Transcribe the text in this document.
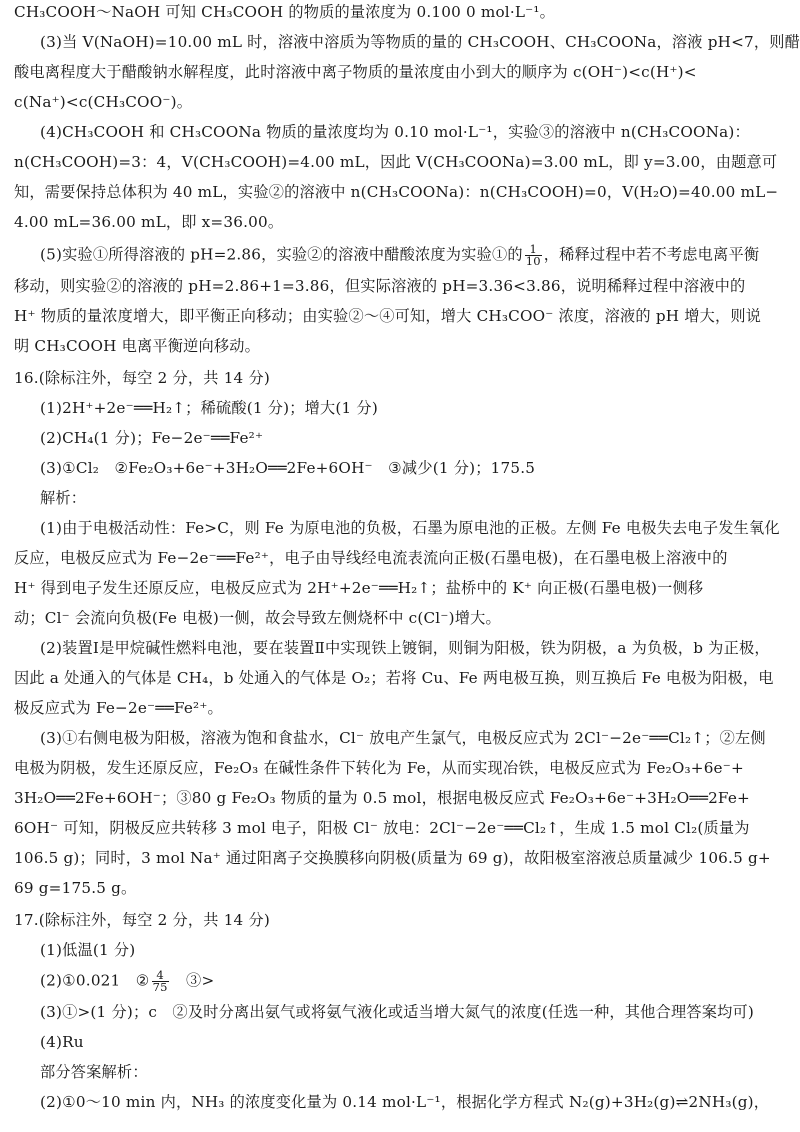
CH₃COOH～NaOH 可知 CH₃COOH 的物质的量浓度为 0.100 0 mol·L⁻¹。
(3)当 V(NaOH)=10.00 mL 时，溶液中溶质为等物质的量的 CH₃COOH、CH₃COONa，溶液 pH<7，则醋
酸电离程度大于醋酸钠水解程度，此时溶液中离子物质的量浓度由小到大的顺序为 c(OH⁻)<c(H⁺)<
c(Na⁺)<c(CH₃COO⁻)。
(4)CH₃COOH 和 CH₃COONa 物质的量浓度均为 0.10 mol·L⁻¹，实验③的溶液中 n(CH₃COONa)：
n(CH₃COOH)=3：4，V(CH₃COOH)=4.00 mL，因此 V(CH₃COONa)=3.00 mL，即 y=3.00，由题意可
知，需要保持总体积为 40 mL，实验②的溶液中 n(CH₃COONa)：n(CH₃COOH)=0，V(H₂O)=40.00 mL−
4.00 mL=36.00 mL，即 x=36.00。
(5)实验①所得溶液的 pH=2.86，实验②的溶液中醋酸浓度为实验①的 $\frac{1}{10}$ ，稀释过程中若不考虑电离平衡
移动，则实验②的溶液的 pH=2.86+1=3.86，但实际溶液的 pH=3.36<3.86，说明稀释过程中溶液中的
H⁺ 物质的量浓度增大，即平衡正向移动；由实验②～④可知，增大 CH₃COO⁻ 浓度，溶液的 pH 增大，则说
明 CH₃COOH 电离平衡逆向移动。
16.(除标注外，每空 2 分，共 14 分)
(1)2H⁺+2e⁻══H₂↑；稀硫酸(1 分)；增大(1 分)
(2)CH₄(1 分)；Fe−2e⁻══Fe²⁺
(3)①Cl₂　②Fe₂O₃+6e⁻+3H₂O══2Fe+6OH⁻　③减少(1 分)；175.5
解析：
(1)由于电极活动性：Fe>C，则 Fe 为原电池的负极，石墨为原电池的正极。左侧 Fe 电极失去电子发生氧化
反应，电极反应式为 Fe−2e⁻══Fe²⁺，电子由导线经电流表流向正极(石墨电极)，在石墨电极上溶液中的
H⁺ 得到电子发生还原反应，电极反应式为 2H⁺+2e⁻══H₂↑；盐桥中的 K⁺ 向正极(石墨电极)一侧移
动；Cl⁻ 会流向负极(Fe 电极)一侧，故会导致左侧烧杯中 c(Cl⁻)增大。
(2)装置Ⅰ是甲烷碱性燃料电池，要在装置Ⅱ中实现铁上镀铜，则铜为阳极，铁为阴极，a 为负极，b 为正极，
因此 a 处通入的气体是 CH₄，b 处通入的气体是 O₂；若将 Cu、Fe 两电极互换，则互换后 Fe 电极为阳极，电
极反应式为 Fe−2e⁻══Fe²⁺。
(3)①右侧电极为阳极，溶液为饱和食盐水，Cl⁻ 放电产生氯气，电极反应式为 2Cl⁻−2e⁻══Cl₂↑；②左侧
电极为阴极，发生还原反应，Fe₂O₃ 在碱性条件下转化为 Fe，从而实现冶铁，电极反应式为 Fe₂O₃+6e⁻+
3H₂O══2Fe+6OH⁻；③80 g Fe₂O₃ 物质的量为 0.5 mol，根据电极反应式 Fe₂O₃+6e⁻+3H₂O══2Fe+
6OH⁻ 可知，阴极反应共转移 3 mol 电子，阳极 Cl⁻ 放电：2Cl⁻−2e⁻══Cl₂↑，生成 1.5 mol Cl₂(质量为
106.5 g)；同时，3 mol Na⁺ 通过阳离子交换膜移向阴极(质量为 69 g)，故阳极室溶液总质量减少 106.5 g+
69 g=175.5 g。
17.(除标注外，每空 2 分，共 14 分)
(1)低温(1 分)
(2)①0.021　② $\frac{4}{75}$ 　③>
(3)①>(1 分)；c　②及时分离出氨气或将氨气液化或适当增大氮气的浓度(任选一种，其他合理答案均可)
(4)Ru
部分答案解析：
(2)①0～10 min 内，NH₃ 的浓度变化量为 0.14 mol·L⁻¹，根据化学方程式 N₂(g)+3H₂(g)⇌2NH₃(g)，
